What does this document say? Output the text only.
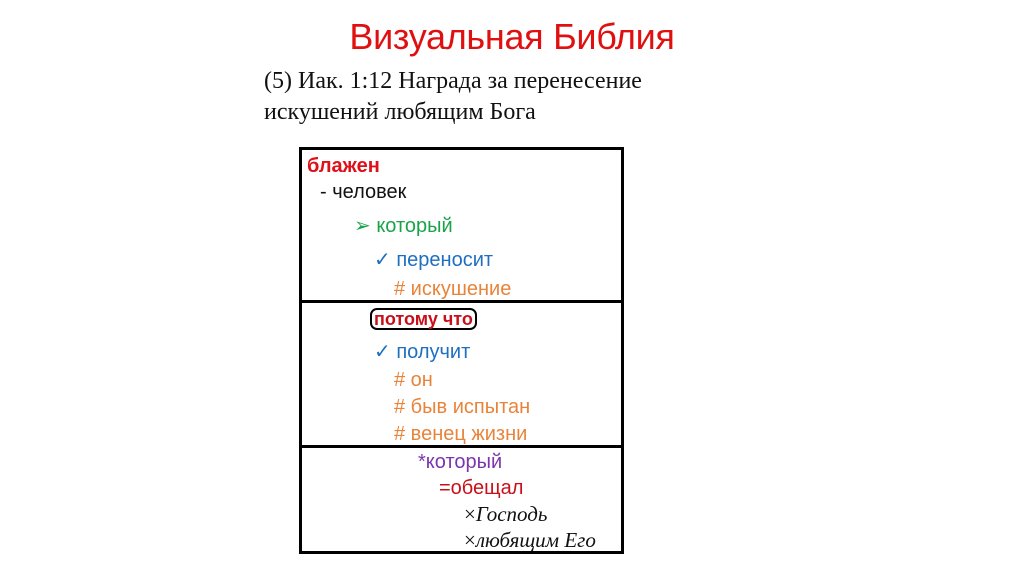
Визуальная Библия
(5) Иак. 1:12 Награда за перенесение
искушений любящим Бога
блажен
- человек
➢ который
✓ переносит
# искушение
потому что
✓ получит
# он
# быв испытан
# венец жизни
*который
=обещал
×Господь
×любящим Его
